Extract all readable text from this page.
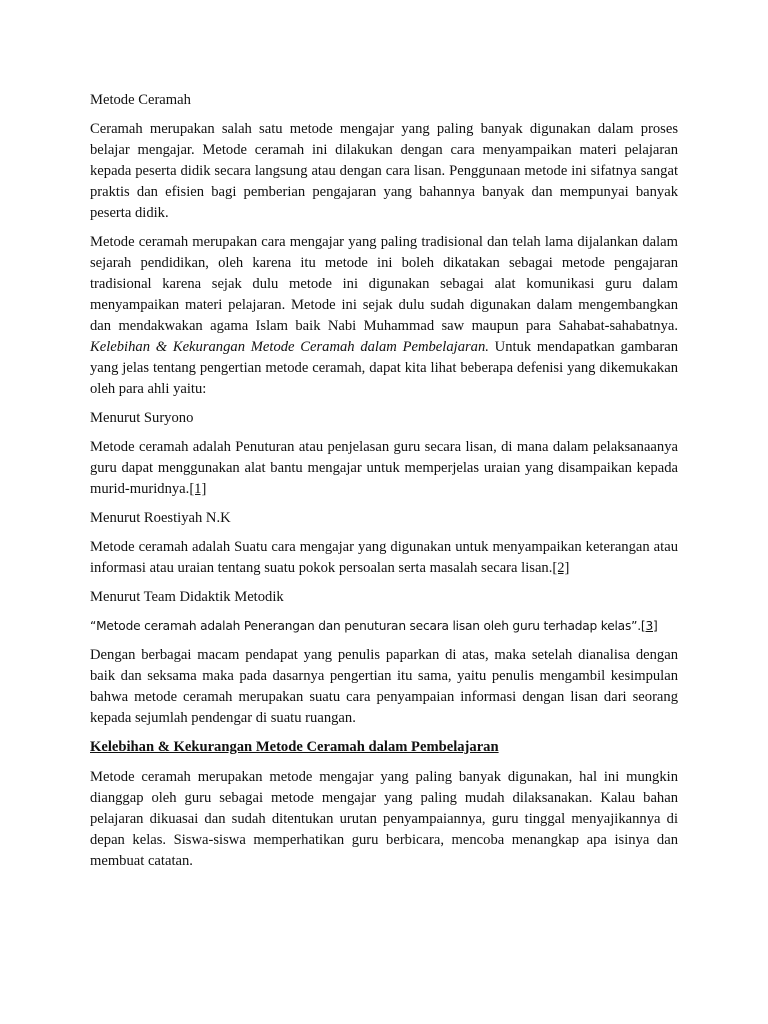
Metode Ceramah

Ceramah merupakan salah satu metode mengajar yang paling banyak digunakan dalam proses belajar mengajar. Metode ceramah ini dilakukan dengan cara menyampaikan materi pelajaran kepada peserta didik secara langsung atau dengan cara lisan. Penggunaan metode ini sifatnya sangat praktis dan efisien bagi pemberian pengajaran yang bahannya banyak dan mempunyai banyak peserta didik.

Metode ceramah merupakan cara mengajar yang paling tradisional dan telah lama dijalankan dalam sejarah pendidikan, oleh karena itu metode ini boleh dikatakan sebagai metode pengajaran tradisional karena sejak dulu metode ini digunakan sebagai alat komunikasi guru dalam menyampaikan materi pelajaran. Metode ini sejak dulu sudah digunakan dalam mengembangkan dan mendakwakan agama Islam baik Nabi Muhammad saw maupun para Sahabat-sahabatnya. Kelebihan & Kekurangan Metode Ceramah dalam Pembelajaran. Untuk mendapatkan gambaran yang jelas tentang pengertian metode ceramah, dapat kita lihat beberapa defenisi yang dikemukakan oleh para ahli yaitu:

Menurut Suryono

Metode ceramah adalah Penuturan atau penjelasan guru secara lisan, di mana dalam pelaksanaanya guru dapat menggunakan alat bantu mengajar untuk memperjelas uraian yang disampaikan kepada murid-muridnya.[1]

Menurut Roestiyah N.K

Metode ceramah adalah Suatu cara mengajar yang digunakan untuk menyampaikan keterangan atau informasi atau uraian tentang suatu pokok persoalan serta masalah secara lisan.[2]

Menurut Team Didaktik Metodik

“Metode ceramah adalah Penerangan dan penuturan secara lisan oleh guru terhadap kelas”.[3]

Dengan berbagai macam pendapat yang penulis paparkan di atas, maka setelah dianalisa dengan baik dan seksama maka pada dasarnya pengertian itu sama, yaitu penulis mengambil kesimpulan bahwa metode ceramah merupakan suatu cara penyampaian informasi dengan lisan dari seorang kepada sejumlah pendengar di suatu ruangan.

Kelebihan & Kekurangan Metode Ceramah dalam Pembelajaran

Metode ceramah merupakan metode mengajar yang paling banyak digunakan, hal ini mungkin dianggap oleh guru sebagai metode mengajar yang paling mudah dilaksanakan. Kalau bahan pelajaran dikuasai dan sudah ditentukan urutan penyampaiannya, guru tinggal menyajikannya di depan kelas. Siswa-siswa memperhatikan guru berbicara, mencoba menangkap apa isinya dan membuat catatan.
